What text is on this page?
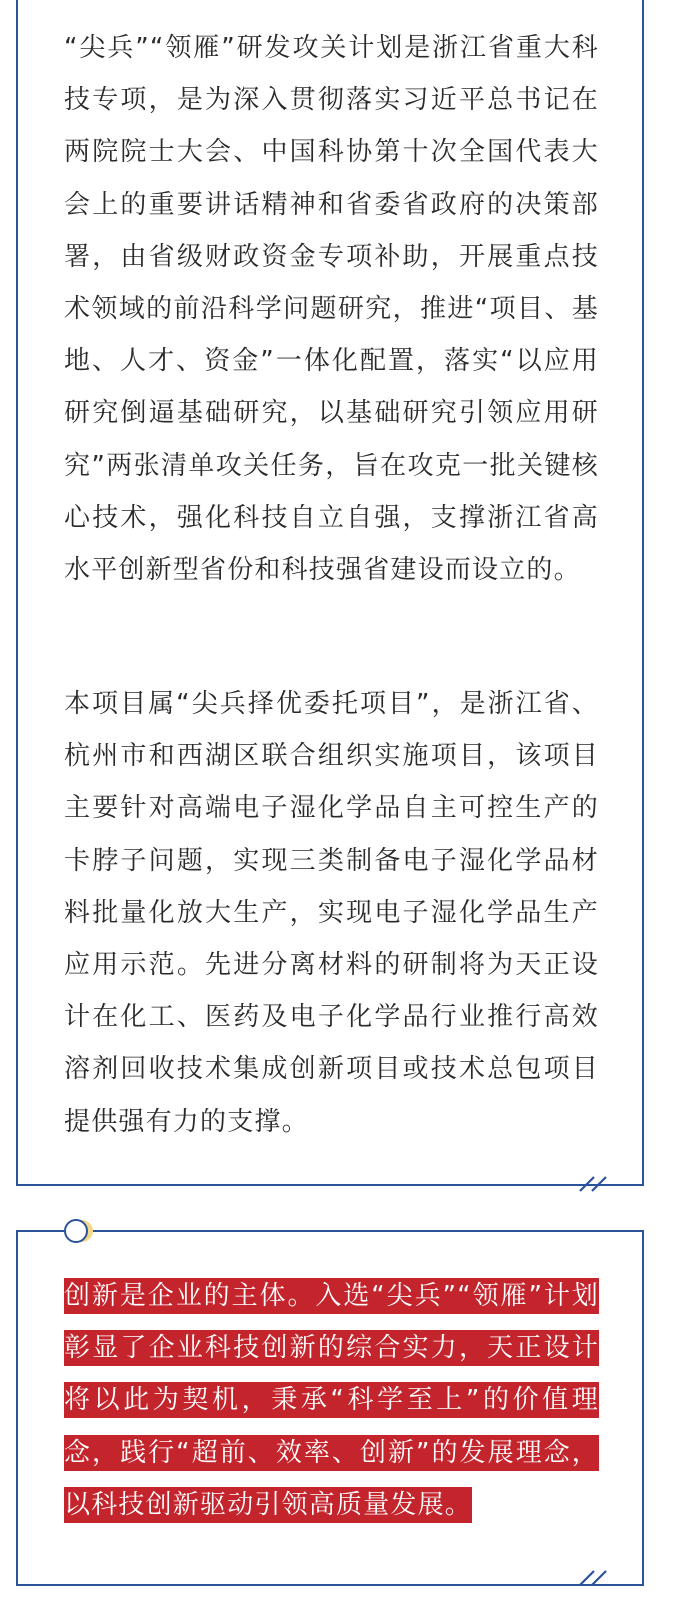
“尖兵”“领雁”研发攻关计划是浙江省重大科技专项，是为深入贯彻落实习近平总书记在两院院士大会、中国科协第十次全国代表大会上的重要讲话精神和省委省政府的决策部署，由省级财政资金专项补助，开展重点技术领域的前沿科学问题研究，推进“项目、基地、人才、资金”一体化配置，落实“以应用研究倒逼基础研究，以基础研究引领应用研究”两张清单攻关任务，旨在攻克一批关键核心技术，强化科技自立自强，支撑浙江省高水平创新型省份和科技强省建设而设立的。

本项目属“尖兵择优委托项目”，是浙江省、杭州市和西湖区联合组织实施项目，该项目主要针对高端电子湿化学品自主可控生产的卡脖子问题，实现三类制备电子湿化学品材料批量化放大生产，实现电子湿化学品生产应用示范。先进分离材料的研制将为天正设计在化工、医药及电子化学品行业推行高效溶剂回收技术集成创新项目或技术总包项目提供强有力的支撑。

创新是企业的主体。入选“尖兵”“领雁”计划彰显了企业科技创新的综合实力，天正设计将以此为契机，秉承“科学至上”的价值理念，践行“超前、效率、创新”的发展理念，以科技创新驱动引领高质量发展。
